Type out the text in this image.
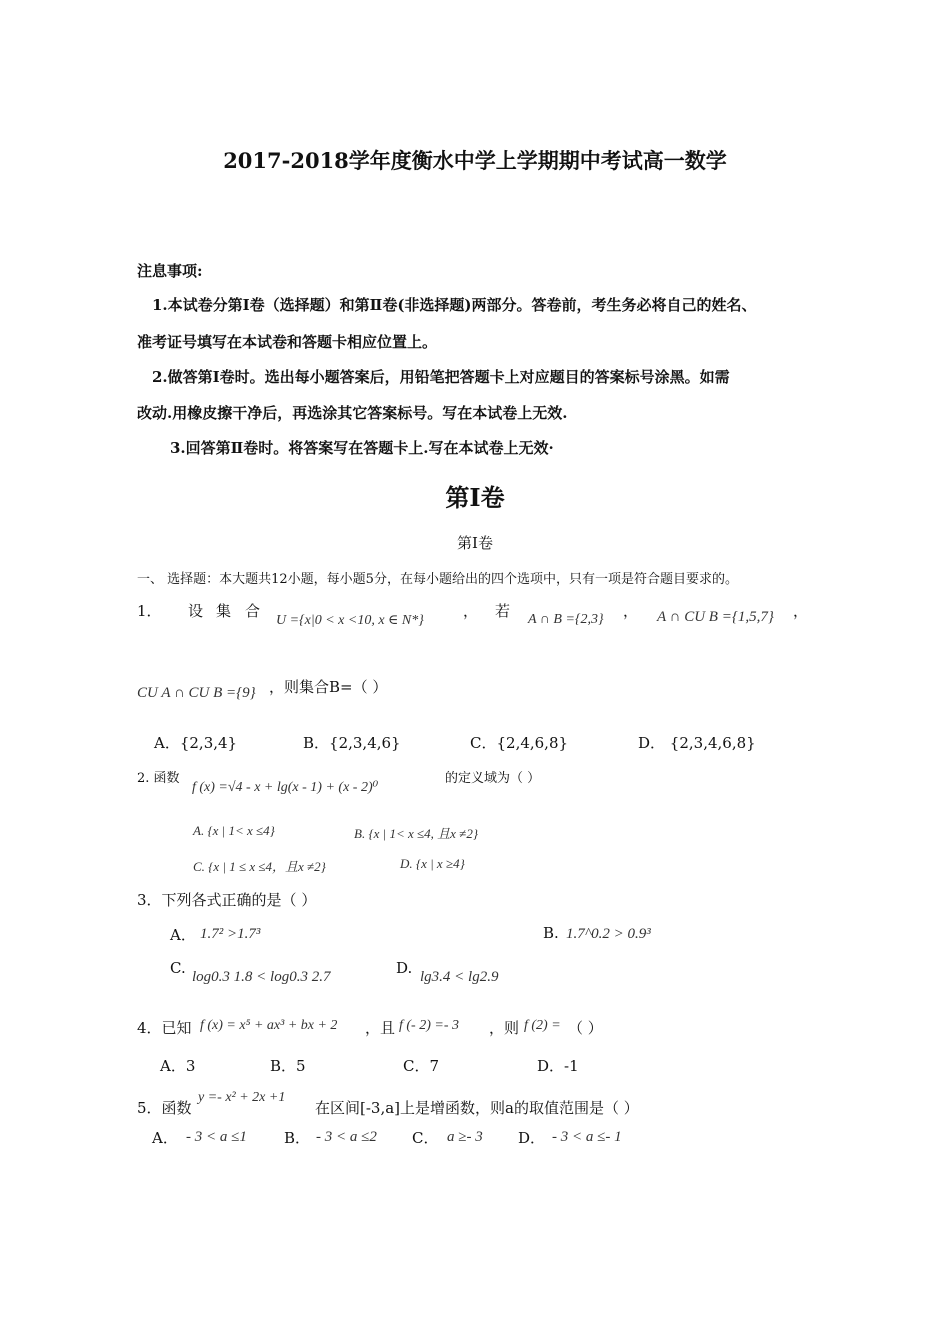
2017-2018学年度衡水中学上学期期中考试高一数学
注息事项:
1.本试卷分第Ⅰ卷（选择题）和第Ⅱ卷(非选择题)两部分。答卷前，考生务必将自己的姓名、
准考证号填写在本试卷和答题卡相应位置上。
2.做答第Ⅰ卷时。选出每小题答案后，用铅笔把答题卡上对应题目的答案标号涂黑。如需
改动.用橡皮擦干净后，再选涂其它答案标号。写在本试卷上无效.
3.回答第Ⅱ卷时。将答案写在答题卡上.写在本试卷上无效·
第Ⅰ卷
第Ⅰ卷
一、 选择题：本大题共12小题，每小题5分，在每小题给出的四个选项中，只有一项是符合题目要求的。
1． 设 集 合
U ={x|0 < x <10, x ∈ N*}
， 若 A ∩ B ={2,3} ， A ∩ CU B ={1,5,7} ，
CU A ∩ CU B ={9} ，则集合B=（ ）
A．{2,3,4}	B．{2,3,4,6}	C．{2,4,6,8}	D． {2,3,4,6,8}
2. 函数
f (x) =√4 - x + lg(x - 1) + (x - 2)⁰
的定义域为（ ）
A. {x | 1< x ≤4}	B. {x | 1< x ≤4, 且x ≠2}
C. {x | 1 ≤ x ≤4，且x ≠2}	D. {x | x ≥4}
3．下列各式正确的是（ ）
A． 1.7² >1.7³	B. 1.7^0.2 > 0.9³
C. log0.3 1.8 < log0.3 2.7	D. lg3.4 < lg2.9
4．已知 f (x) = x⁵ + ax³ + bx + 2 ，且 f (- 2) =- 3 ，则 f (2) = （ ）
A．3	B．5	C．7	D．-1
5．函数
y =- x² + 2x +1
在区间[-3,a]上是增函数，则a的取值范围是（ ）
A． - 3 < a ≤1 B． - 3 < a ≤2 C． a ≥- 3 D． - 3 < a ≤- 1
